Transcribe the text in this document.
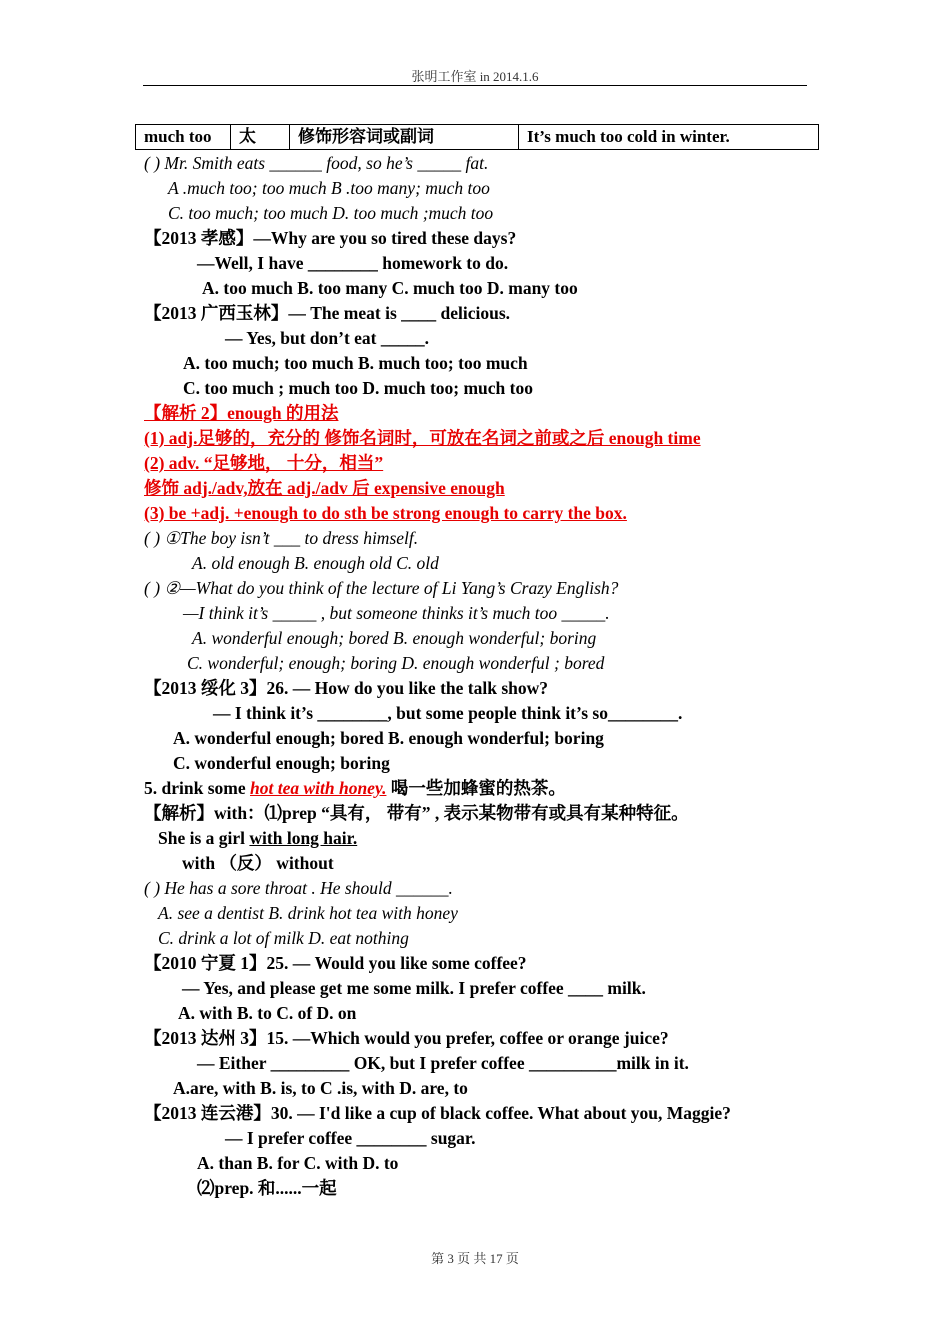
张明工作室 in 2014.1.6
much too	太	修饰形容词或副词	It’s much too cold in winter.
( ) Mr. Smith eats ______ food, so he’s _____ fat.
A .much too; too much B .too many; much too
C. too much; too much D. too much ;much too
【2013 孝感】—Why are you so tired these days?
—Well, I have ________ homework to do.
A. too much B. too many C. much too D. many too
【2013 广西玉林】— The meat is ____ delicious.
— Yes, but don’t eat _____.
A. too much; too much B. much too; too much
C. too much ; much too D. much too; much too
【解析 2】enough 的用法
(1) adj.足够的，充分的 修饰名词时，可放在名词之前或之后 enough time
(2) adv. “足够地， 十分，相当”
修饰 adj./adv,放在 adj./adv 后 expensive enough
(3) be +adj. +enough to do sth be strong enough to carry the box.
( ) ①The boy isn’t ___ to dress himself.
A. old enough B. enough old C. old
( ) ②—What do you think of the lecture of Li Yang’s Crazy English?
—I think it’s _____ , but someone thinks it’s much too _____.
A. wonderful enough; bored B. enough wonderful; boring
C. wonderful; enough; boring D. enough wonderful ; bored
【2013 绥化 3】26. — How do you like the talk show?
— I think it’s ________, but some people think it’s so________.
A. wonderful enough; bored B. enough wonderful; boring
C. wonderful enough; boring
5. drink some hot tea with honey. 喝一些加蜂蜜的热茶。
【解析】with：⑴prep “具有， 带有” , 表示某物带有或具有某种特征。
She is a girl with long hair.
with （反） without
( ) He has a sore throat . He should ______.
A. see a dentist B. drink hot tea with honey
C. drink a lot of milk D. eat nothing
【2010 宁夏 1】25. — Would you like some coffee?
— Yes, and please get me some milk. I prefer coffee ____ milk.
A. with B. to C. of D. on
【2013 达州 3】15. —Which would you prefer, coffee or orange juice?
— Either _________ OK, but I prefer coffee __________milk in it.
A.are, with B. is, to C .is, with D. are, to
【2013 连云港】30. — I'd like a cup of black coffee. What about you, Maggie?
— I prefer coffee ________ sugar.
A. than B. for C. with D. to
⑵prep. 和......一起
第 3 页 共 17 页
